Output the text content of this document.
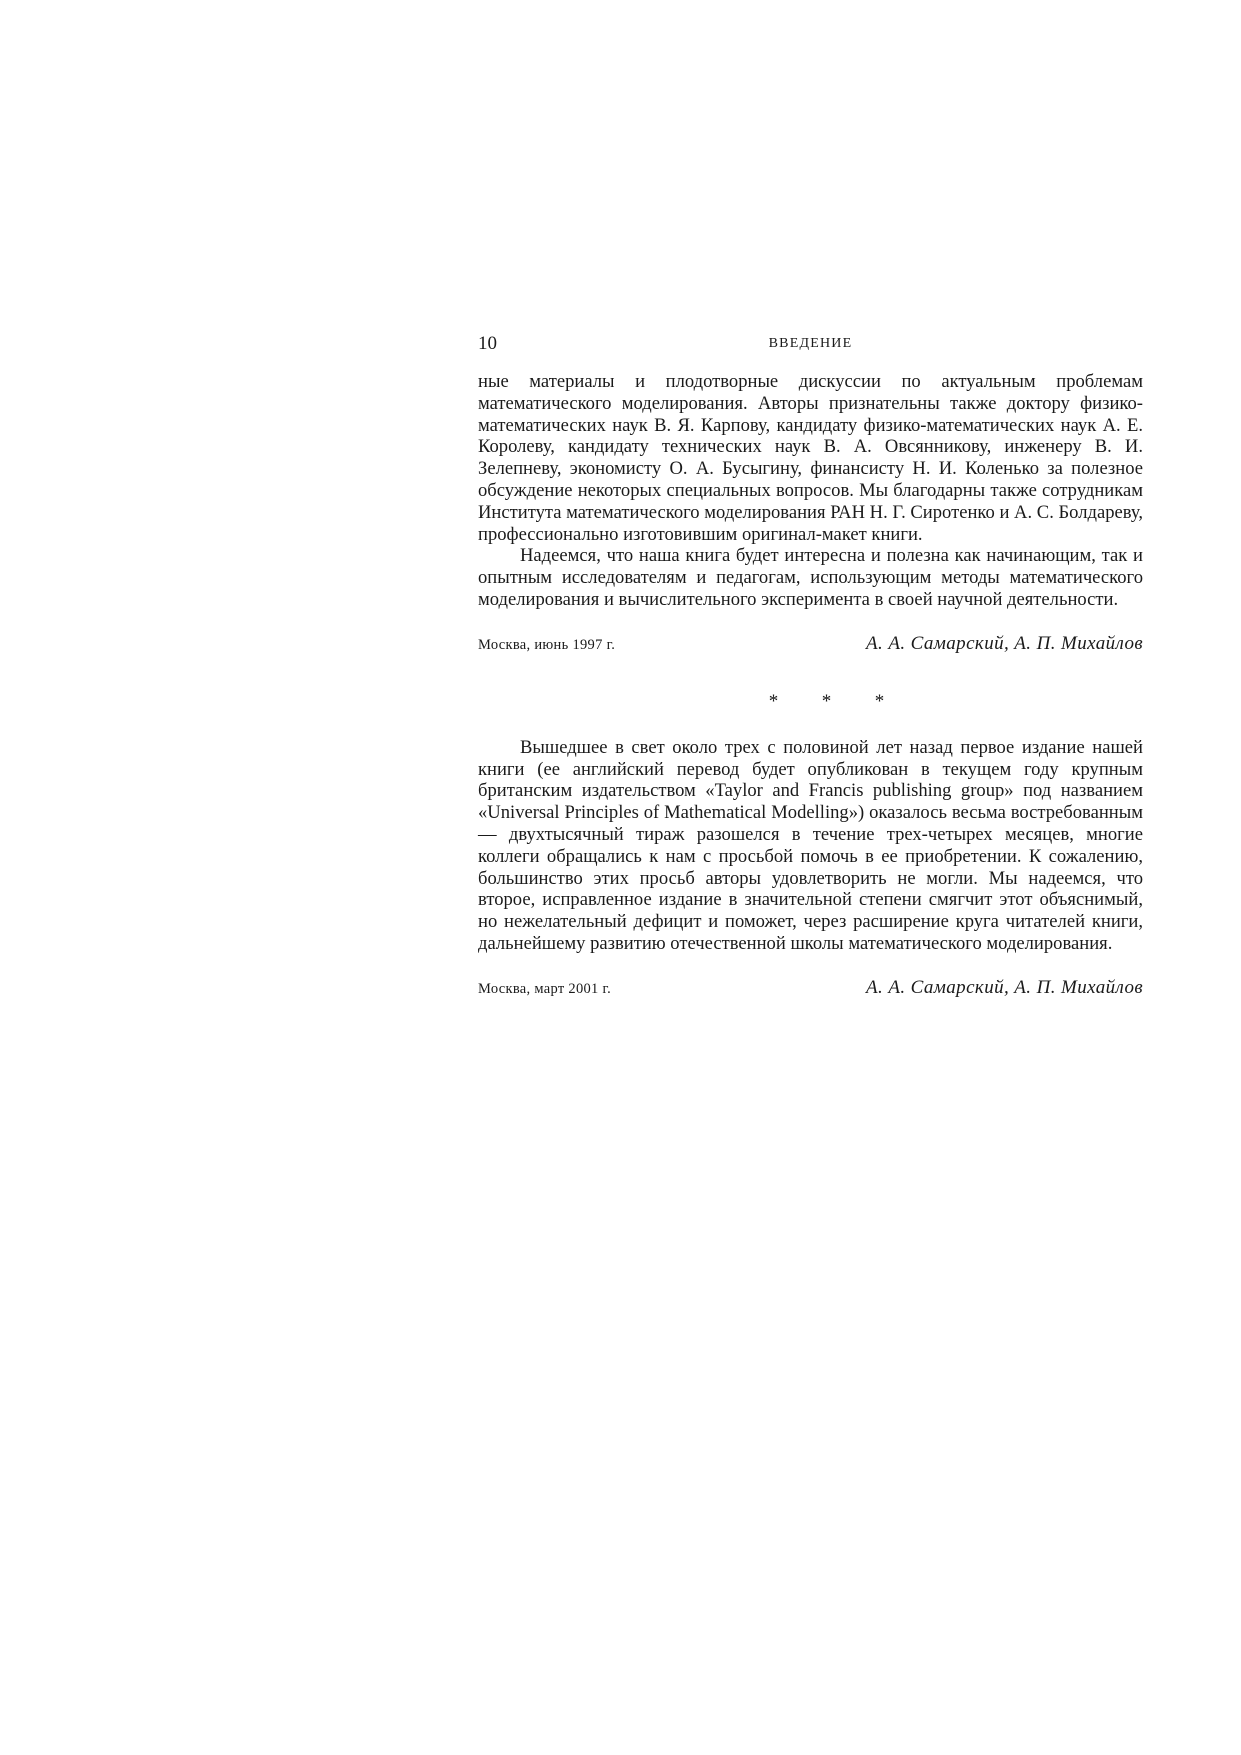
10	ВВЕДЕНИЕ

ные материалы и плодотворные дискуссии по актуальным проблемам математического моделирования. Авторы признательны также доктору физико-математических наук В. Я. Карпову, кандидату физико-математических наук А. Е. Королеву, кандидату технических наук В. А. Овсянникову, инженеру В. И. Зелепневу, экономисту О. А. Бусыгину, финансисту Н. И. Коленько за полезное обсуждение некоторых специальных вопросов. Мы благодарны также сотрудникам Института математического моделирования РАН Н. Г. Сиротенко и А. С. Болдареву, профессионально изготовившим оригинал-макет книги.

Надеемся, что наша книга будет интересна и полезна как начинающим, так и опытным исследователям и педагогам, использующим методы математического моделирования и вычислительного эксперимента в своей научной деятельности.

Москва, июнь 1997 г.	А. А. Самарский, А. П. Михайлов
* * *

Вышедшее в свет около трех с половиной лет назад первое издание нашей книги (ее английский перевод будет опубликован в текущем году крупным британским издательством «Taylor and Francis publishing group» под названием «Universal Principles of Mathematical Modelling») оказалось весьма востребованным — двухтысячный тираж разошелся в течение трех-четырех месяцев, многие коллеги обращались к нам с просьбой помочь в ее приобретении. К сожалению, большинство этих просьб авторы удовлетворить не могли. Мы надеемся, что второе, исправленное издание в значительной степени смягчит этот объяснимый, но нежелательный дефицит и поможет, через расширение круга читателей книги, дальнейшему развитию отечественной школы математического моделирования.

Москва, март 2001 г.	А. А. Самарский, А. П. Михайлов
